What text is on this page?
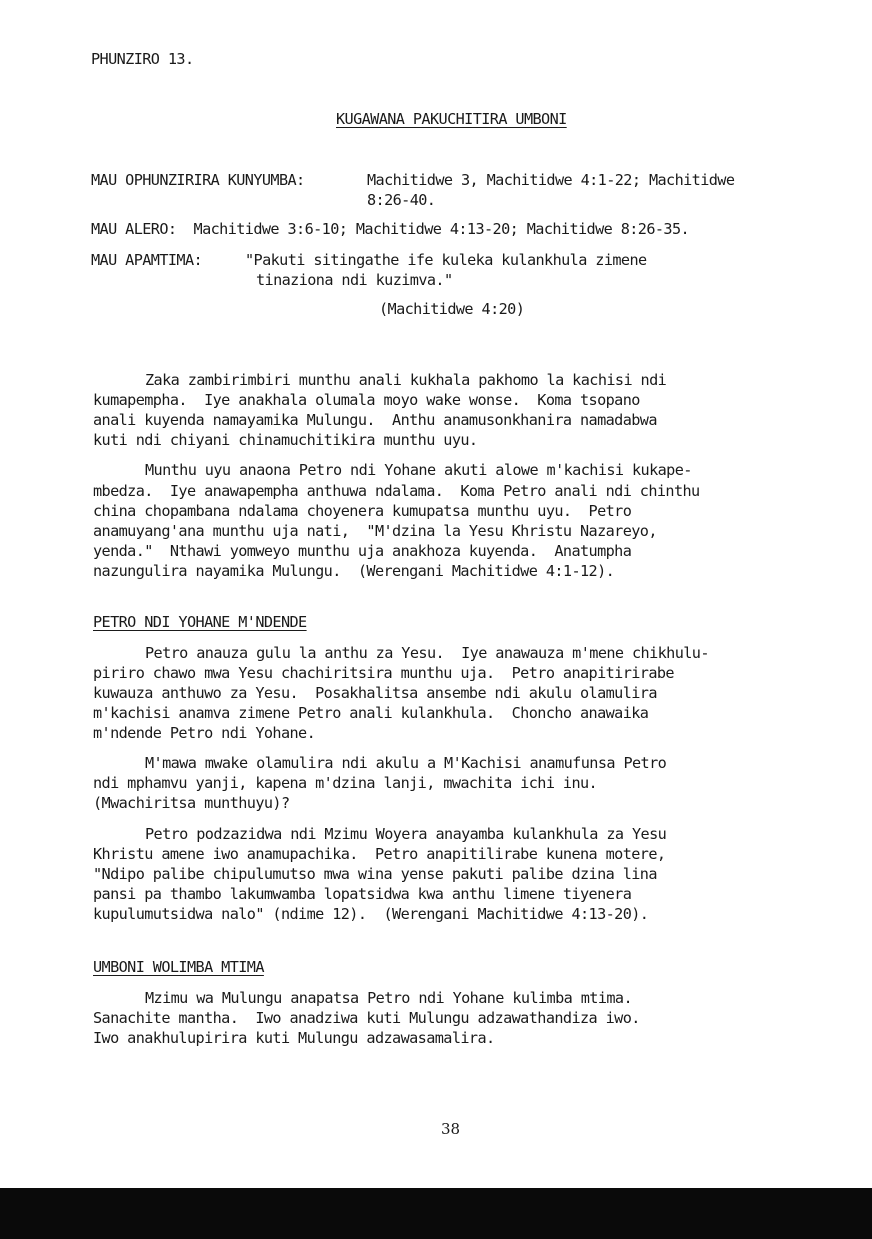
PHUNZIRO 13.
KUGAWANA PAKUCHITIRA UMBONI
MAU OPHUNZIRIRA KUNYUMBA:	Machitidwe 3, Machitidwe 4:1-22; Machitidwe
8:26-40.
MAU ALERO:  Machitidwe 3:6-10; Machitidwe 4:13-20; Machitidwe 8:26-35.
MAU APAMTIMA:	"Pakuti sitingathe ife kuleka kulankhula zimene
tinaziona ndi kuzimva."
(Machitidwe 4:20)
Zaka zambirimbiri munthu anali kukhala pakhomo la kachisi ndi
kumapempha.  Iye anakhala olumala moyo wake wonse.  Koma tsopano
anali kuyenda namayamika Mulungu.  Anthu anamusonkhanira namadabwa
kuti ndi chiyani chinamuchitikira munthu uyu.
Munthu uyu anaona Petro ndi Yohane akuti alowe m'kachisi kukape-
mbedza.  Iye anawapempha anthuwa ndalama.  Koma Petro anali ndi chinthu
china chopambana ndalama choyenera kumupatsa munthu uyu.  Petro
anamuyang'ana munthu uja nati,  "M'dzina la Yesu Khristu Nazareyo,
yenda."  Nthawi yomweyo munthu uja anakhoza kuyenda.  Anatumpha
nazungulira nayamika Mulungu.  (Werengani Machitidwe 4:1-12).
PETRO NDI YOHANE M'NDENDE
Petro anauza gulu la anthu za Yesu.  Iye anawauza m'mene chikhulu-
piriro chawo mwa Yesu chachiritsira munthu uja.  Petro anapitirirabe
kuwauza anthuwo za Yesu.  Posakhalitsa ansembe ndi akulu olamulira
m'kachisi anamva zimene Petro anali kulankhula.  Choncho anawaika
m'ndende Petro ndi Yohane.
M'mawa mwake olamulira ndi akulu a M'Kachisi anamufunsa Petro
ndi mphamvu yanji, kapena m'dzina lanji, mwachita ichi inu.
(Mwachiritsa munthuyu)?
Petro podzazidwa ndi Mzimu Woyera anayamba kulankhula za Yesu
Khristu amene iwo anamupachika.  Petro anapitilirabe kunena motere,
"Ndipo palibe chipulumutso mwa wina yense pakuti palibe dzina lina
pansi pa thambo lakumwamba lopatsidwa kwa anthu limene tiyenera
kupulumutsidwa nalo" (ndime 12).  (Werengani Machitidwe 4:13-20).
UMBONI WOLIMBA MTIMA
Mzimu wa Mulungu anapatsa Petro ndi Yohane kulimba mtima.
Sanachite mantha.  Iwo anadziwa kuti Mulungu adzawathandiza iwo.
Iwo anakhulupirira kuti Mulungu adzawasamalira.
38
